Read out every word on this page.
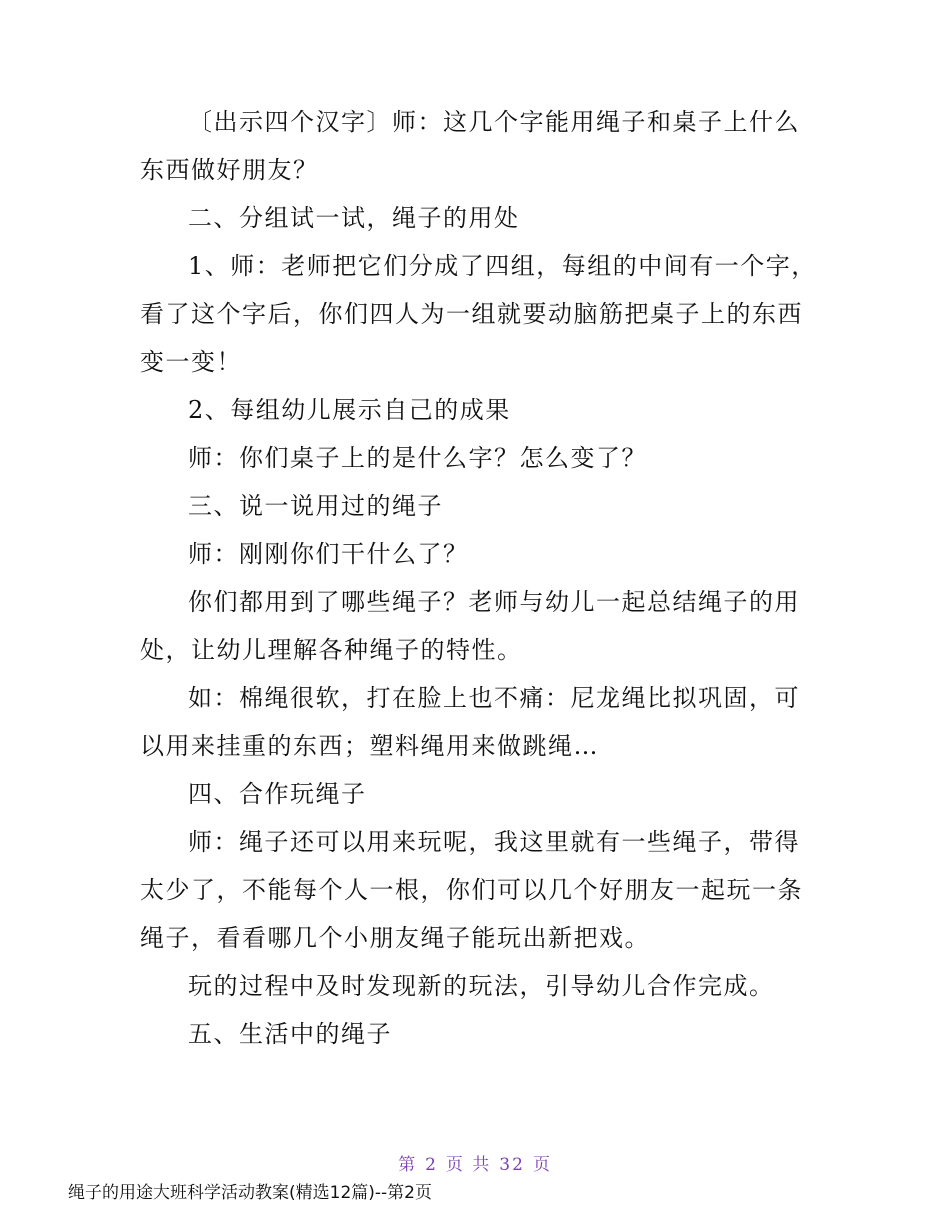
〔出示四个汉字〕师：这几个字能用绳子和桌子上什么东西做好朋友？

二、分组试一试，绳子的用处

1、师：老师把它们分成了四组，每组的中间有一个字，看了这个字后，你们四人为一组就要动脑筋把桌子上的东西变一变！

2、每组幼儿展示自己的成果

师：你们桌子上的是什么字？怎么变了？

三、说一说用过的绳子

师：刚刚你们干什么了？

你们都用到了哪些绳子？老师与幼儿一起总结绳子的用处，让幼儿理解各种绳子的特性。

如：棉绳很软，打在脸上也不痛：尼龙绳比拟巩固，可以用来挂重的东西；塑料绳用来做跳绳…

四、合作玩绳子

师：绳子还可以用来玩呢，我这里就有一些绳子，带得太少了，不能每个人一根，你们可以几个好朋友一起玩一条绳子，看看哪几个小朋友绳子能玩出新把戏。

玩的过程中及时发现新的玩法，引导幼儿合作完成。

五、生活中的绳子

第 2 页 共 32 页
绳子的用途大班科学活动教案(精选12篇)--第2页
